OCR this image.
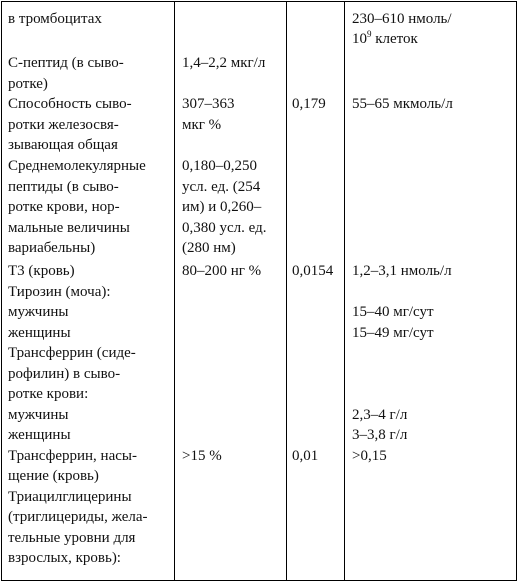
в тромбоцитах	230–610 нмоль/
$10^9$ клеток
С-пептид (в сыво-
ротке)
1,4–2,2 мкг/л
Способность сыво-
ротки железосвя-
зывающая общая
307–363
мкг %
0,179 55–65 мкмоль/л
Среднемолекулярные
пептиды (в сыво-
ротке крови, нор-
мальные величины
вариабельны)
0,180–0,250
усл. ед. (254
им) и 0,260–
0,380 усл. ед.
(280 нм)
Т3 (кровь)
Тирозин (моча):
мужчины
женщины
Трансферрин (сиде-
рофилин) в сыво-
ротке крови:
мужчины
женщины
Трансферрин, насы-
щение (кровь)
Триацилглицерины
(триглицериды, жела-
тельные уровни для
взрослых, кровь):
80–200 нг %
>15 %
0,0154
0,01
1,2–3,1 нмоль/л
15–40 мг/сут
15–49 мг/сут
2,3–4 г/л
3–3,8 г/л
>0,15
